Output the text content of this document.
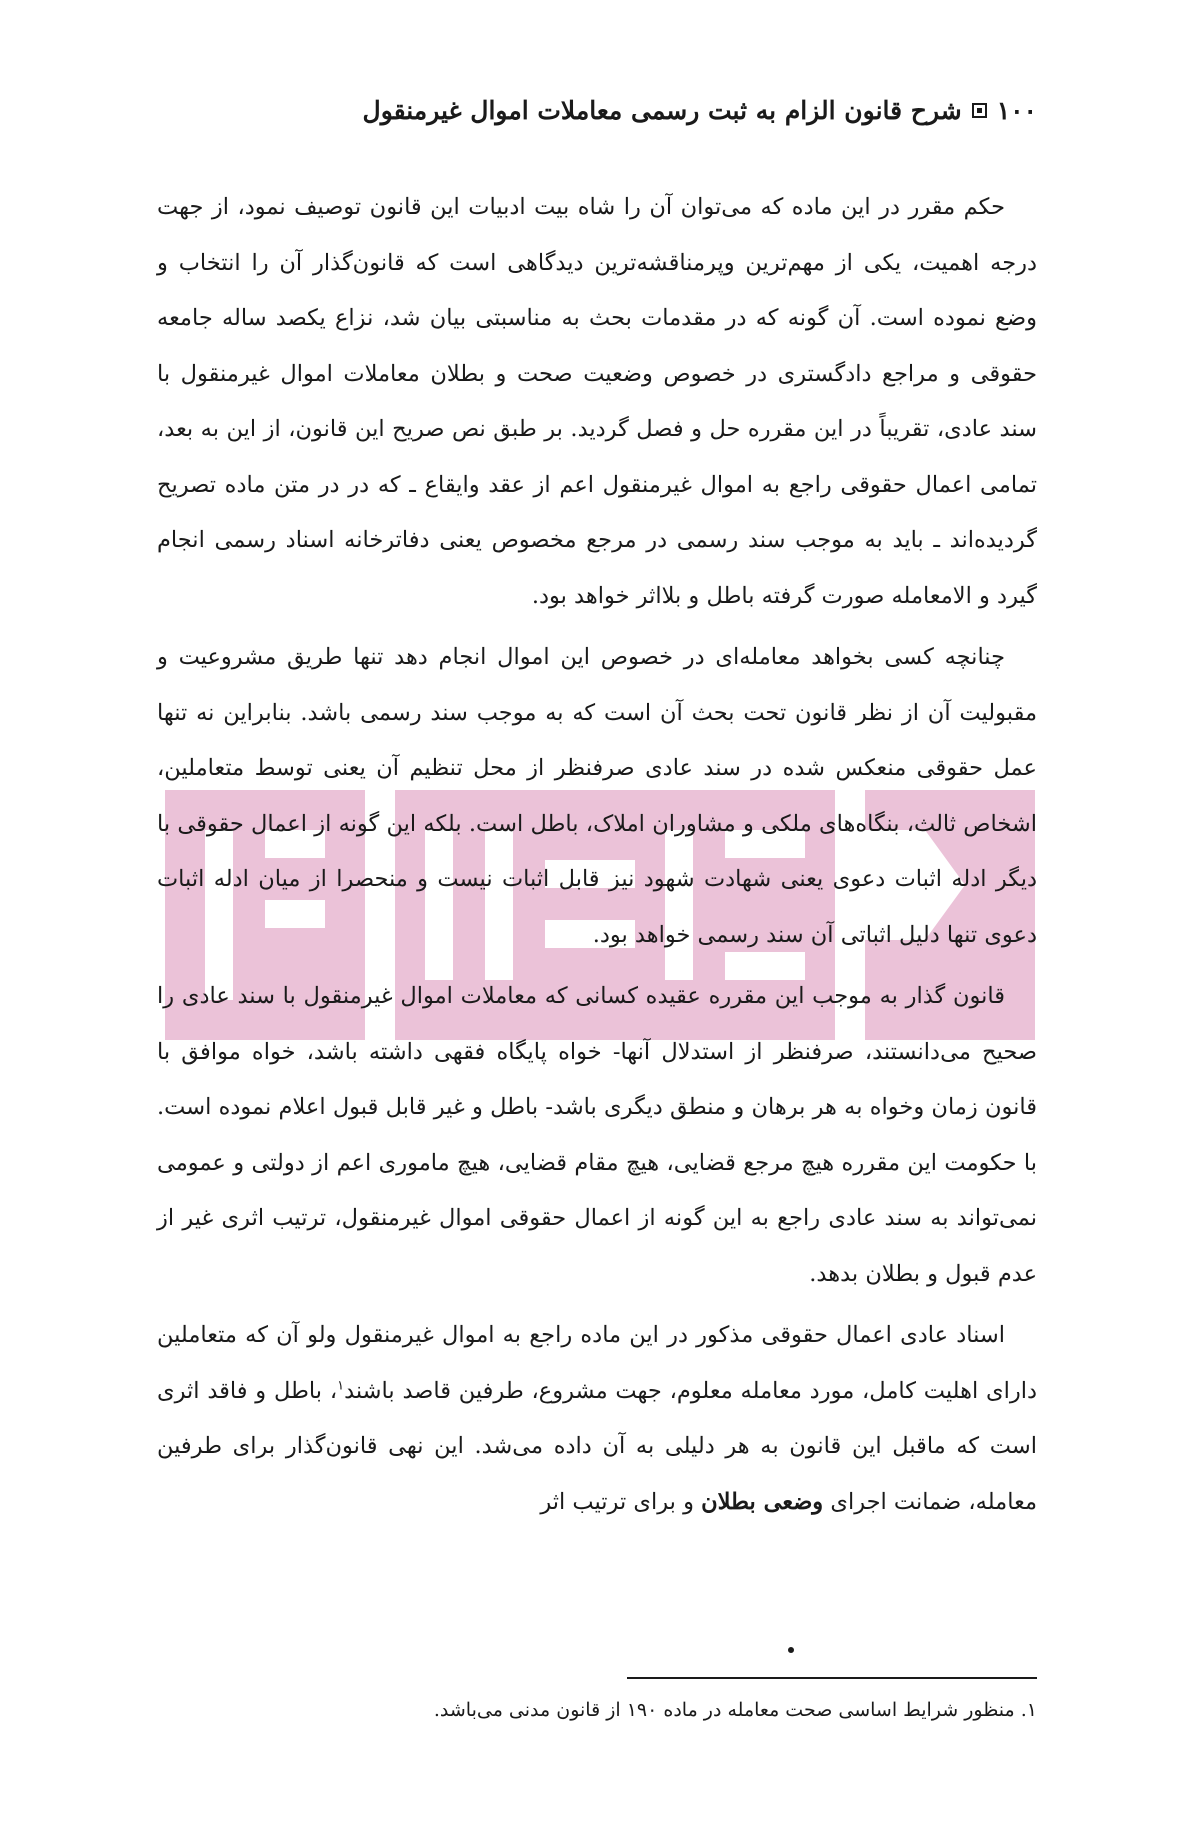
۱۰۰
شرح قانون الزام به ثبت رسمی معاملات اموال غیرمنقول

حکم مقرر در این ماده که می‌توان آن را شاه بیت ادبیات این قانون توصیف نمود، از جهت درجه اهمیت، یکی از مهم‌ترین وپرمناقشه‌ترین دیدگاهی است که قانون‌گذار آن را انتخاب و وضع نموده است. آن گونه که در مقدمات بحث به مناسبتی بیان شد، نزاع یکصد ساله جامعه حقوقی و مراجع دادگستری در خصوص وضعیت صحت و بطلان معاملات اموال غیرمنقول با سند عادی، تقریباً در این مقرره حل و فصل گردید. بر طبق نص صریح این قانون، از این به بعد، تمامی اعمال حقوقی راجع به اموال غیرمنقول اعم از عقد وایقاع ـ که در در متن ماده تصریح گردیده‌اند ـ باید به موجب سند رسمی در مرجع مخصوص یعنی دفاترخانه اسناد رسمی انجام گیرد و الامعامله صورت گرفته باطل و بلااثر خواهد بود.

چنانچه کسی بخواهد معامله‌ای در خصوص این اموال انجام دهد تنها طریق مشروعیت و مقبولیت آن از نظر قانون تحت بحث آن است که به موجب سند رسمی باشد. بنابراین نه تنها عمل حقوقی منعکس شده در سند عادی صرفنظر از محل تنظیم آن یعنی توسط متعاملین، اشخاص ثالث، بنگاه‌های ملکی و مشاوران املاک، باطل است. بلکه این گونه از اعمال حقوقی با دیگر ادله اثبات دعوی یعنی شهادت شهود نیز قابل اثبات نیست و منحصرا از میان ادله اثبات دعوی تنها دلیل اثباتی آن سند رسمی خواهد بود.

قانون گذار به موجب این مقرره عقیده کسانی که معاملات اموال غیرمنقول با سند عادی را صحیح می‌دانستند، صرفنظر از استدلال آنها- خواه پایگاه فقهی داشته باشد، خواه موافق با قانون زمان وخواه به هر برهان و منطق دیگری باشد- باطل و غیر قابل قبول اعلام نموده است. با حکومت این مقرره هیچ مرجع قضایی، هیچ مقام قضایی، هیچ ماموری اعم از دولتی و عمومی نمی‌تواند به سند عادی راجع به این گونه از اعمال حقوقی اموال غیرمنقول، ترتیب اثری غیر از عدم قبول و بطلان بدهد.

اسناد عادی اعمال حقوقی مذکور در این ماده راجع به اموال غیرمنقول ولو آن که متعاملین دارای اهلیت کامل، مورد معامله معلوم، جهت مشروع، طرفین قاصد باشند$^۱$، باطل و فاقد اثری است که ماقبل این قانون به هر دلیلی به آن داده می‌شد. این نهی قانون‌گذار برای طرفین معامله، ضمانت اجرای وضعی بطلان و برای ترتیب اثر

۱. منظور شرایط اساسی صحت معامله در ماده ۱۹۰ از قانون مدنی می‌باشد.
